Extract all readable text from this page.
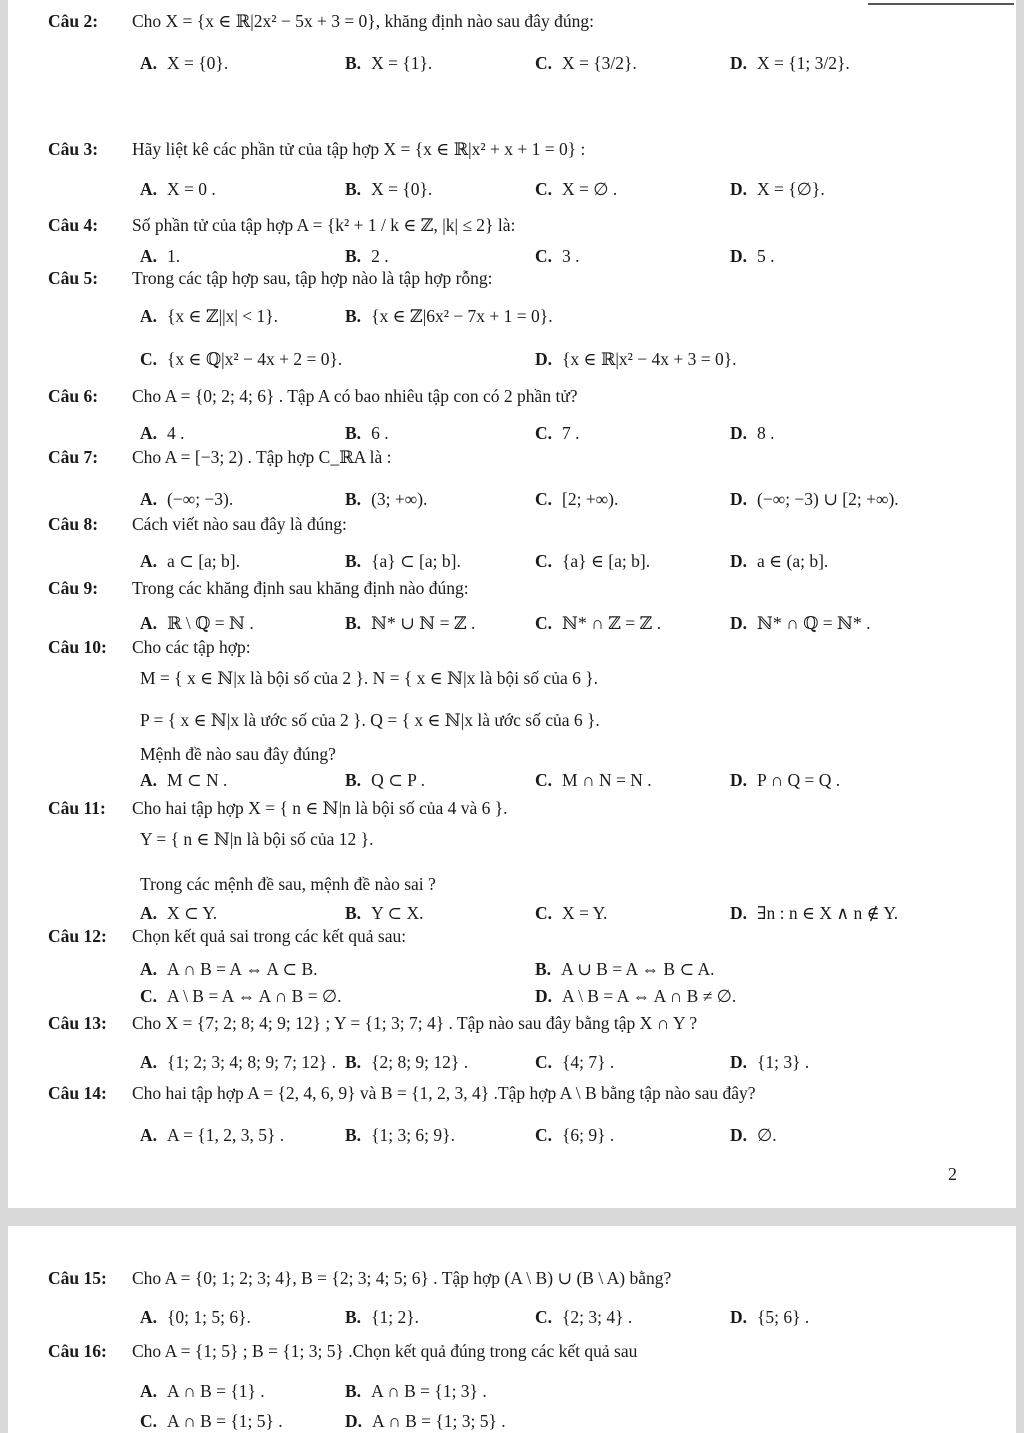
Câu 2: Cho X = {x ∈ ℝ|2x² − 5x + 3 = 0}, khăng định nào sau đây đúng:
A. X = {0}.	B. X = {1}.	C. X = {3/2}.	D. X = {1; 3/2}.
Câu 3: Hãy liệt kê các phần tử của tập hợp X = {x ∈ ℝ|x² + x + 1 = 0} :
A. X = 0 .	B. X = {0}.	C. X = ∅ .	D. X = {∅}.
Câu 4: Số phần tử của tập hợp A = {k² + 1 / k ∈ ℤ, |k| ≤ 2} là:
A. 1.	B. 2 .	C. 3 .	D. 5 .
Câu 5: Trong các tập hợp sau, tập hợp nào là tập hợp rỗng:
A. {x ∈ ℤ||x| < 1}.	B. {x ∈ ℤ|6x² − 7x + 1 = 0}.
C. {x ∈ ℚ|x² − 4x + 2 = 0}.	D. {x ∈ ℝ|x² − 4x + 3 = 0}.
Câu 6: Cho A = {0; 2; 4; 6} . Tập A có bao nhiêu tập con có 2 phần tử?
A. 4 .	B. 6 .	C. 7 .	D. 8 .
Câu 7: Cho A = [−3; 2) . Tập hợp C_ℝA là :
A. (−∞; −3).	B. (3; +∞).	C. [2; +∞).	D. (−∞; −3) ∪ [2; +∞).
Câu 8: Cách viết nào sau đây là đúng:
A. a ⊂ [a; b].	B. {a} ⊂ [a; b].	C. {a} ∈ [a; b].	D. a ∈ (a; b].
Câu 9: Trong các khăng định sau khăng định nào đúng:
A. ℝ \ ℚ = ℕ .	B. ℕ* ∪ ℕ = ℤ .	C. ℕ* ∩ ℤ = ℤ .	D. ℕ* ∩ ℚ = ℕ* .
Câu 10: Cho các tập hợp:
M = { x ∈ ℕ|x là bội số của 2 }. N = { x ∈ ℕ|x là bội số của 6 }.
P = { x ∈ ℕ|x là ước số của 2 }. Q = { x ∈ ℕ|x là ước số của 6 }.
Mệnh đề nào sau đây đúng?
A. M ⊂ N .	B. Q ⊂ P .	C. M ∩ N = N .	D. P ∩ Q = Q .
Câu 11: Cho hai tập hợp X = { n ∈ ℕ|n là bội số của 4 và 6 }.
Y = { n ∈ ℕ|n là bội số của 12 }.
Trong các mệnh đề sau, mệnh đề nào sai ?
A. X ⊂ Y.	B. Y ⊂ X.	C. X = Y.	D. ∃n : n ∈ X ∧ n ∉ Y.
Câu 12: Chọn kết quả sai trong các kết quả sau:
A. A ∩ B = A ⇔ A ⊂ B.	B. A ∪ B = A ⇔ B ⊂ A.
C. A \ B = A ⇔ A ∩ B = ∅.	D. A \ B = A ⇔ A ∩ B ≠ ∅.
Câu 13: Cho X = {7; 2; 8; 4; 9; 12} ; Y = {1; 3; 7; 4} . Tập nào sau đây bằng tập X ∩ Y ?
A. {1; 2; 3; 4; 8; 9; 7; 12} . B. {2; 8; 9; 12} .	C. {4; 7} .	D. {1; 3} .
Câu 14: Cho hai tập hợp A = {2, 4, 6, 9} và B = {1, 2, 3, 4} .Tập hợp A \ B bằng tập nào sau đây?
A. A = {1, 2, 3, 5} .	B. {1; 3; 6; 9}.	C. {6; 9} .	D. ∅.
Câu 15: Cho A = {0; 1; 2; 3; 4}, B = {2; 3; 4; 5; 6} . Tập hợp (A \ B) ∪ (B \ A) bằng?
A. {0; 1; 5; 6}.	B. {1; 2}.	C. {2; 3; 4} .	D. {5; 6} .
Câu 16: Cho A = {1; 5} ; B = {1; 3; 5} .Chọn kết quả đúng trong các kết quả sau
A. A ∩ B = {1} .	B. A ∩ B = {1; 3} .
C. A ∩ B = {1; 5} .	D. A ∩ B = {1; 3; 5} .
2
